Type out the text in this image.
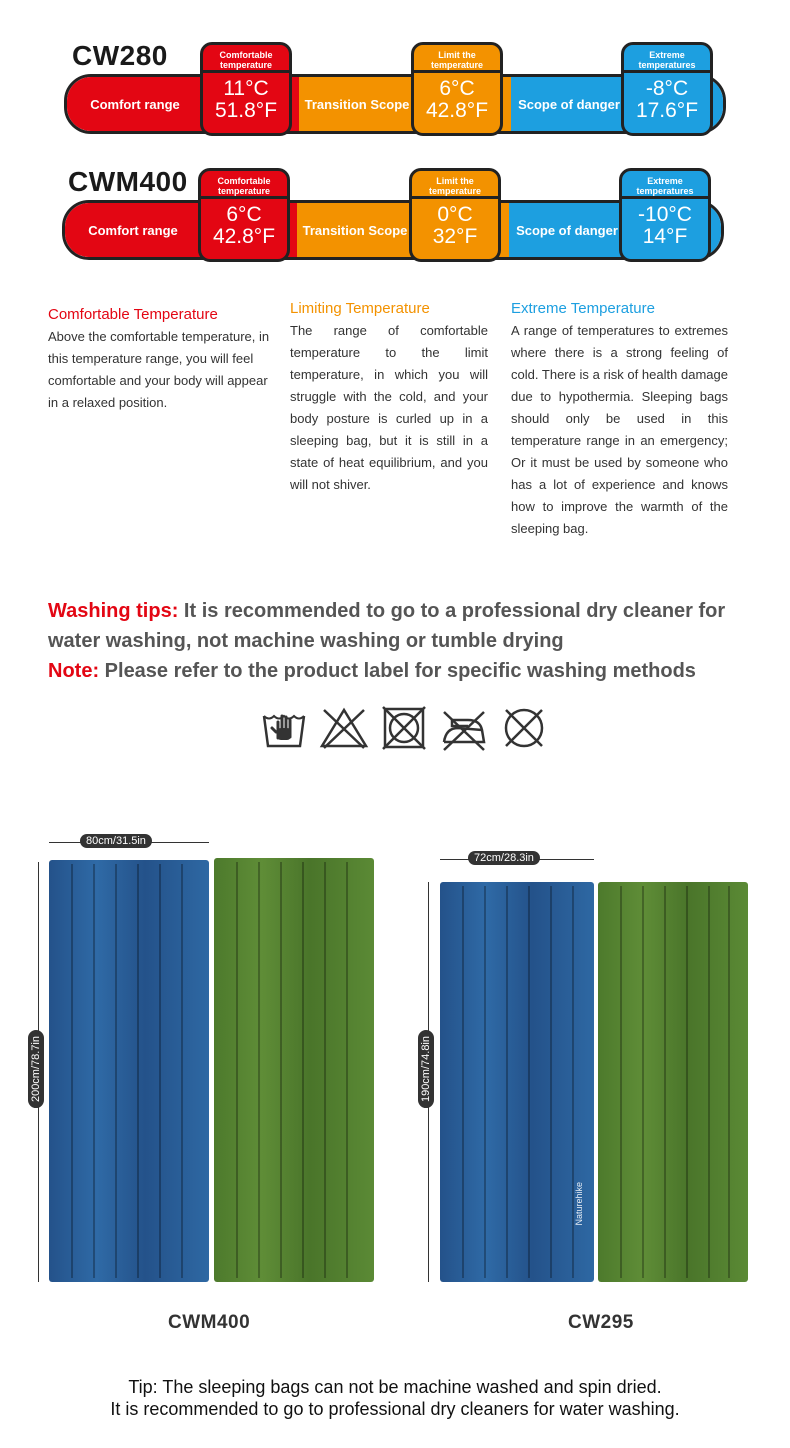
CW280
Comfort range	Transition Scope	Scope of danger
Comfortable temperature
11°C
51.8°F
Limit the temperature
6°C
42.8°F
Extreme temperatures
-8°C
17.6°F
CWM400
Comfort range	Transition Scope	Scope of danger
Comfortable temperature
6°C
42.8°F
Limit the temperature
0°C
32°F
Extreme temperatures
-10°C
14°F
Comfortable Temperature

Above the comfortable temperature, in this temperature range, you will feel comfortable and your body will appear in a relaxed position.

Limiting Temperature

The range of comfortable temperature to the limit temperature, in which you will struggle with the cold, and your body posture is curled up in a sleeping bag, but it is still in a state of heat equilibrium, and you will not shiver.

Extreme Temperature

A range of temperatures to extremes where there is a strong feeling of cold. There is a risk of health damage due to hypothermia. Sleeping bags should only be used in this temperature range in an emergency; Or it must be used by someone who has a lot of experience and knows how to improve the warmth of the sleeping bag.

Washing tips: It is recommended to go to a professional dry cleaner for water washing, not machine washing or tumble drying
Note: Please refer to the product label for specific washing methods
80cm/31.5in
200cm/78.7in
CWM400
72cm/28.3in
190cm/74.8in
Naturehike
CW295
Tip: The sleeping bags can not be machine washed and spin dried.
It is recommended to go to professional dry cleaners for water washing.
